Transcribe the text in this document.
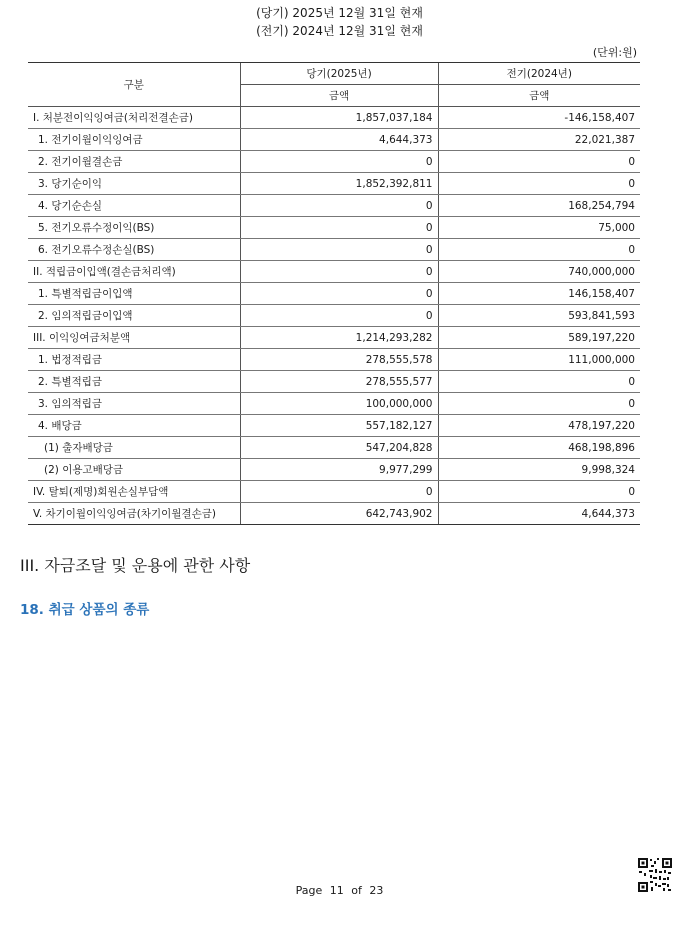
(당기) 2025년 12월 31일 현재
(전기) 2024년 12월 31일 현재
(단위:원)
구분	당기(2025년)	전기(2024년)
	금액	금액
I. 처분전이익잉여금(처리전결손금)	1,857,037,184	-146,158,407
1. 전기이월이익잉여금	4,644,373	22,021,387
2. 전기이월결손금	0	0
3. 당기순이익	1,852,392,811	0
4. 당기순손실	0	168,254,794
5. 전기오류수정이익(BS)	0	75,000
6. 전기오류수정손실(BS)	0	0
II. 적립금이입액(결손금처리액)	0	740,000,000
1. 특별적립금이입액	0	146,158,407
2. 임의적립금이입액	0	593,841,593
III. 이익잉여금처분액	1,214,293,282	589,197,220
1. 법정적립금	278,555,578	111,000,000
2. 특별적립금	278,555,577	0
3. 임의적립금	100,000,000	0
4. 배당금	557,182,127	478,197,220
(1) 출자배당금	547,204,828	468,198,896
(2) 이용고배당금	9,977,299	9,998,324
IV. 탈퇴(제명)회원손실부담액	0	0
V. 차기이월이익잉여금(차기이월결손금)	642,743,902	4,644,373
III. 자금조달 및 운용에 관한 사항
18. 취급 상품의 종류
Page 11 of 23
